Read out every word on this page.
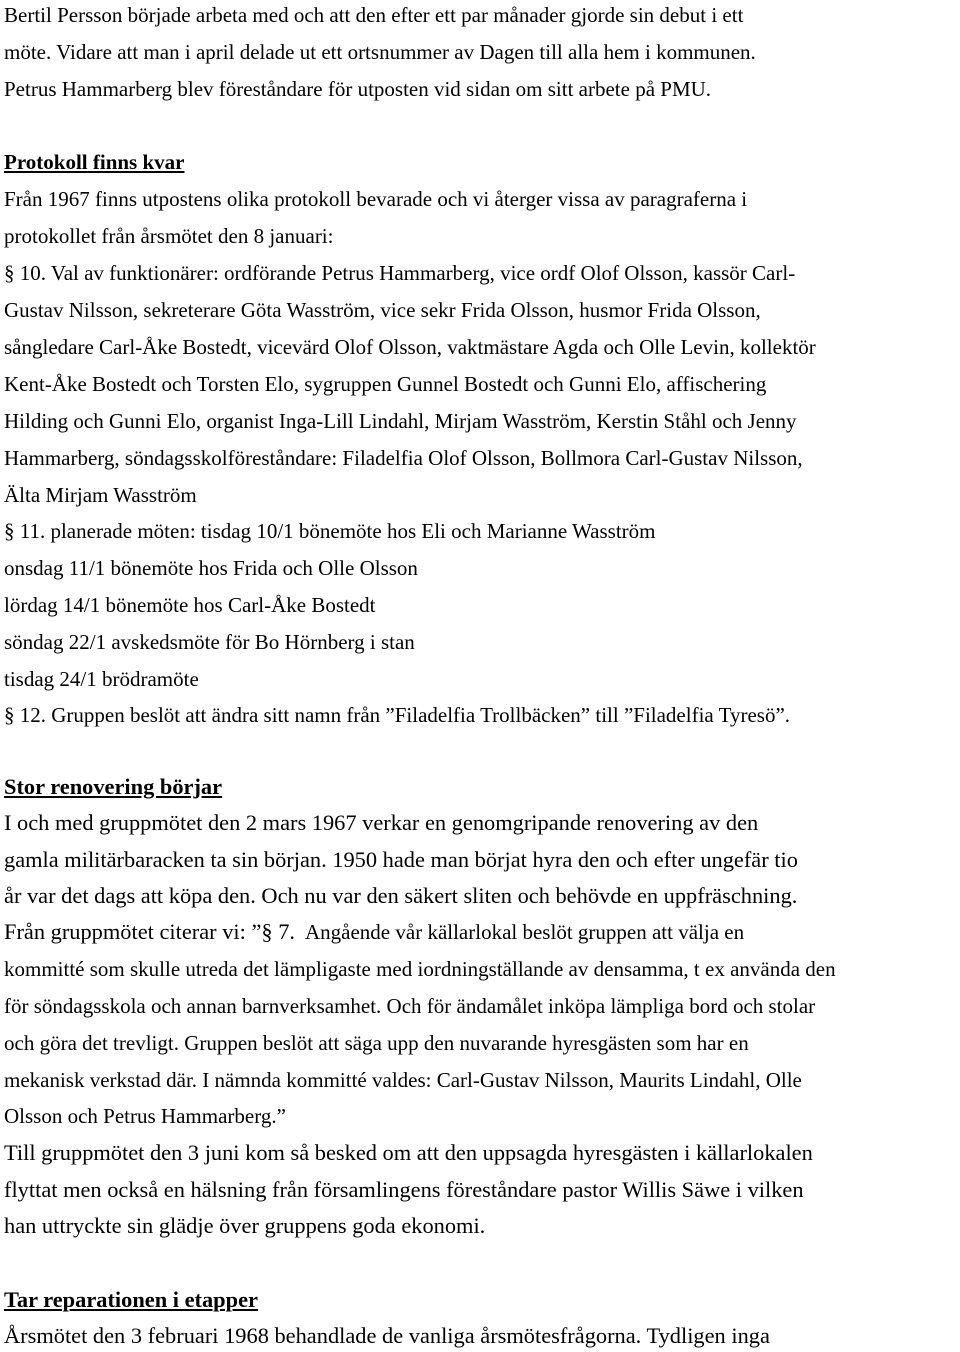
Bertil Persson började arbeta med och att den efter ett par månader gjorde sin debut i ett

möte. Vidare att man i april delade ut ett ortsnummer av Dagen till alla hem i kommunen.

Petrus Hammarberg blev föreståndare för utposten vid sidan om sitt arbete på PMU.

Protokoll finns kvar

Från 1967 finns utpostens olika protokoll bevarade och vi återger vissa av paragraferna i

protokollet från årsmötet den 8 januari:

§ 10. Val av funktionärer: ordförande Petrus Hammarberg, vice ordf Olof Olsson, kassör Carl-

Gustav Nilsson, sekreterare Göta Wasström, vice sekr Frida Olsson, husmor Frida Olsson,

sångledare Carl-Åke Bostedt, vicevärd Olof Olsson, vaktmästare Agda och Olle Levin, kollektör

Kent-Åke Bostedt och Torsten Elo, sygruppen Gunnel Bostedt och Gunni Elo, affischering

Hilding och Gunni Elo, organist Inga-Lill Lindahl, Mirjam Wasström, Kerstin Ståhl och Jenny

Hammarberg, söndagsskolföreståndare: Filadelfia Olof Olsson, Bollmora Carl-Gustav Nilsson,

Älta Mirjam Wasström

§ 11. planerade möten: tisdag 10/1 bönemöte hos Eli och Marianne Wasström

onsdag 11/1 bönemöte hos Frida och Olle Olsson

lördag 14/1 bönemöte hos Carl-Åke Bostedt

söndag 22/1 avskedsmöte för Bo Hörnberg i stan

tisdag 24/1 brödramöte

§ 12. Gruppen beslöt att ändra sitt namn från ”Filadelfia Trollbäcken” till ”Filadelfia Tyresö”.

Stor renovering börjar

I och med gruppmötet den 2 mars 1967 verkar en genomgripande renovering av den

gamla militärbaracken ta sin början. 1950 hade man börjat hyra den och efter ungefär tio

år var det dags att köpa den. Och nu var den säkert sliten och behövde en uppfräschning.

Från gruppmötet citerar vi: ”§ 7. Angående vår källarlokal beslöt gruppen att välja en

kommitté som skulle utreda det lämpligaste med iordningställande av densamma, t ex använda den

för söndagsskola och annan barnverksamhet. Och för ändamålet inköpa lämpliga bord och stolar

och göra det trevligt. Gruppen beslöt att säga upp den nuvarande hyresgästen som har en

mekanisk verkstad där. I nämnda kommitté valdes: Carl-Gustav Nilsson, Maurits Lindahl, Olle

Olsson och Petrus Hammarberg.”

Till gruppmötet den 3 juni kom så besked om att den uppsagda hyresgästen i källarlokalen

flyttat men också en hälsning från församlingens föreståndare pastor Willis Säwe i vilken

han uttryckte sin glädje över gruppens goda ekonomi.

Tar reparationen i etapper

Årsmötet den 3 februari 1968 behandlade de vanliga årsmötesfrågorna. Tydligen inga
